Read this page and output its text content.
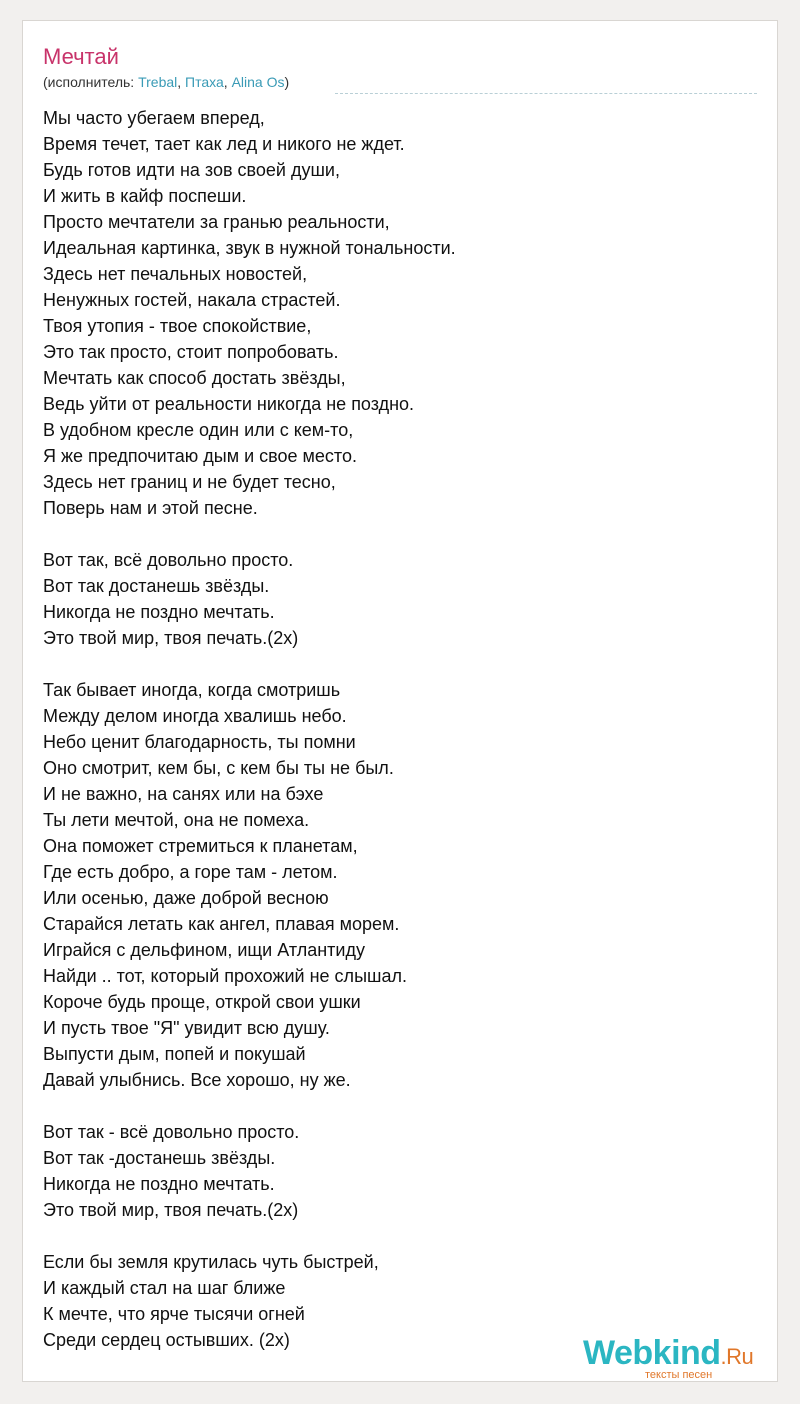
Мечтай
(исполнитель: Trebal, Птаха, Alina Os)
Мы часто убегаем вперед,
Время течет, тает как лед и никого не ждет.
Будь готов идти на зов своей души,
И жить в кайф поспеши.
Просто мечтатели за гранью реальности,
Идеальная картинка, звук в нужной тональности.
Здесь нет печальных новостей,
Ненужных гостей, накала страстей.
Твоя утопия - твое спокойствие,
Это так просто, стоит попробовать.
Мечтать как способ достать звёзды,
Ведь уйти от реальности никогда не поздно.
В удобном кресле один или с кем-то,
Я же предпочитаю дым и свое место.
Здесь нет границ и не будет тесно,
Поверь нам и этой песне.
Вот так, всё довольно просто.
Вот так достанешь звёзды.
Никогда не поздно мечтать.
Это твой мир, твоя печать.(2x)
Так бывает иногда, когда смотришь
Между делом иногда хвалишь небо.
Небо ценит благодарность, ты помни
Оно смотрит, кем бы, с кем бы ты не был.
И не важно, на санях или на бэхе
Ты лети мечтой, она не помеха.
Она поможет стремиться к планетам,
Где есть добро, а горе там - летом.
Или осенью, даже доброй весною
Старайся летать как ангел, плавая морем.
Играйся с дельфином, ищи Атлантиду
Найди .. тот, который прохожий не слышал.
Короче будь проще, открой свои ушки
И пусть твое "Я" увидит всю душу.
Выпусти дым, попей и покушай
Давай улыбнись. Все хорошо, ну же.
Вот так - всё довольно просто.
Вот так -достанешь звёзды.
Никогда не поздно мечтать.
Это твой мир, твоя печать.(2x)
Если бы земля крутилась чуть быстрей,
И каждый стал на шаг ближе
К мечте, что ярче тысячи огней
Среди сердец остывших. (2x)	Webkind.Ru
тексты песен
